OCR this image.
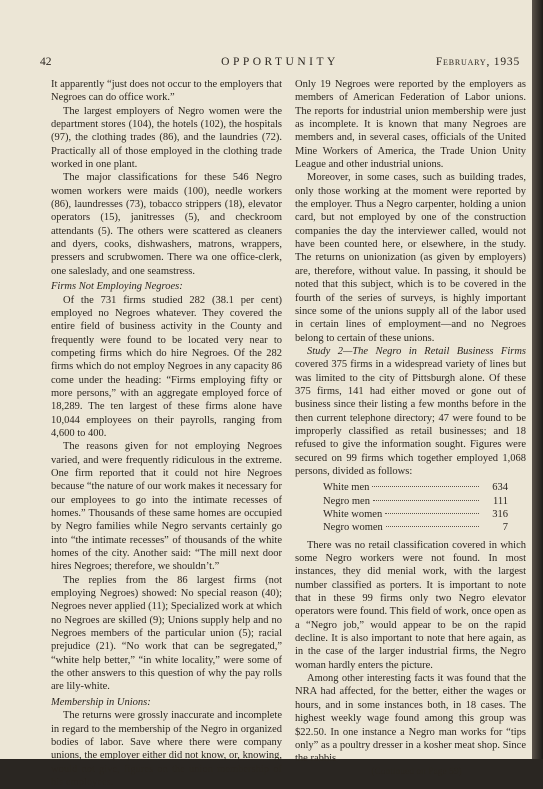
OPPORTUNITY
42	February, 1935

It apparently “just does not occur to the employers that Negroes can do office work.”

The largest employers of Negro women were the department stores (104), the hotels (102), the hospitals (97), the clothing trades (86), and the laundries (72). Practically all of those employed in the clothing trade worked in one plant.

The major classifications for these 546 Negro women workers were maids (100), needle workers (86), laundresses (73), tobacco strippers (18), elevator operators (15), janitresses (5), and checkroom attendants (5). The others were scattered as cleaners and dyers, cooks, dishwashers, matrons, wrappers, pressers and scrubwomen. There wa one office-clerk, one saleslady, and one seamstress.

Firms Not Employing Negroes:

Of the 731 firms studied 282 (38.1 per cent) employed no Negroes whatever. They covered the entire field of business activity in the County and frequently were found to be located very near to competing firms which do hire Negroes. Of the 282 firms which do not employ Negroes in any capacity 86 come under the heading: “Firms employing fifty or more persons,” with an aggregate employed force of 18,289. The ten largest of these firms alone have 10,044 employees on their payrolls, ranging from 4,600 to 400.

The reasons given for not employing Negroes varied, and were frequently ridiculous in the extreme. One firm reported that it could not hire Negroes because “the nature of our work makes it necessary for our employees to go into the intimate recesses of homes.” Thousands of these same homes are occupied by Negro families while Negro servants certainly go into “the intimate recesses” of thousands of the white homes of the city. Another said: “The mill next door hires Negroes; therefore, we shouldn’t.”

The replies from the 86 largest firms (not employing Negroes) showed: No special reason (40); Negroes never applied (11); Specialized work at which no Negroes are skilled (9); Unions supply help and no Negroes members of the particular union (5); racial prejudice (21). “No work that can be segregated,” “white help better,” “in white locality,” were some of the other answers to this question of why the pay rolls are lily-white.

Membership in Unions:

The returns were grossly inaccurate and incomplete in regard to the membership of the Negro in organized bodies of labor. Save where there were company unions, the employer either did not know, or, knowing, would not give, figures on the union membership of his employees.

Only 19 Negroes were reported by the employers as members of American Federation of Labor unions. The reports for industrial union membership were just as incomplete. It is known that many Negroes are members and, in several cases, officials of the United Mine Workers of America, the Trade Union Unity League and other industrial unions.

Moreover, in some cases, such as building trades, only those working at the moment were reported by the employer. Thus a Negro carpenter, holding a union card, but not employed by one of the construction companies the day the interviewer called, would not have been counted here, or elsewhere, in the study. The returns on unionization (as given by employers) are, therefore, without value. In passing, it should be noted that this subject, which is to be covered in the fourth of the series of surveys, is highly important since some of the unions supply all of the labor used in certain lines of employment—and no Negroes belong to certain of these unions.

Study 2—The Negro in Retail Business Firms covered 375 firms in a widespread variety of lines but was limited to the city of Pittsburgh alone. Of these 375 firms, 141 had either moved or gone out of business since their listing a few months before in the then current telephone directory; 47 were found to be improperly classified as retail businesses; and 18 refused to give the information sought. Figures were secured on 99 firms which together employed 1,068 persons, divided as follows:

White men	634
Negro men	111
White women	316
Negro women	7

There was no retail classification covered in which some Negro workers were not found. In most instances, they did menial work, with the largest number classified as porters. It is important to note that in these 99 firms only two Negro elevator operators were found. This field of work, once open as a “Negro job,” would appear to be on the rapid decline. It is also important to note that here again, as in the case of the larger industrial firms, the Negro woman hardly enters the picture.

Among other interesting facts it was found that the NRA had affected, for the better, either the wages or hours, and in some instances both, in 18 cases. The highest weekly wage found among this group was $22.50. In one instance a Negro man works for “tips only” as a poultry dresser in a kosher meat shop. Since the rabbis

(Continued on Page 59)
